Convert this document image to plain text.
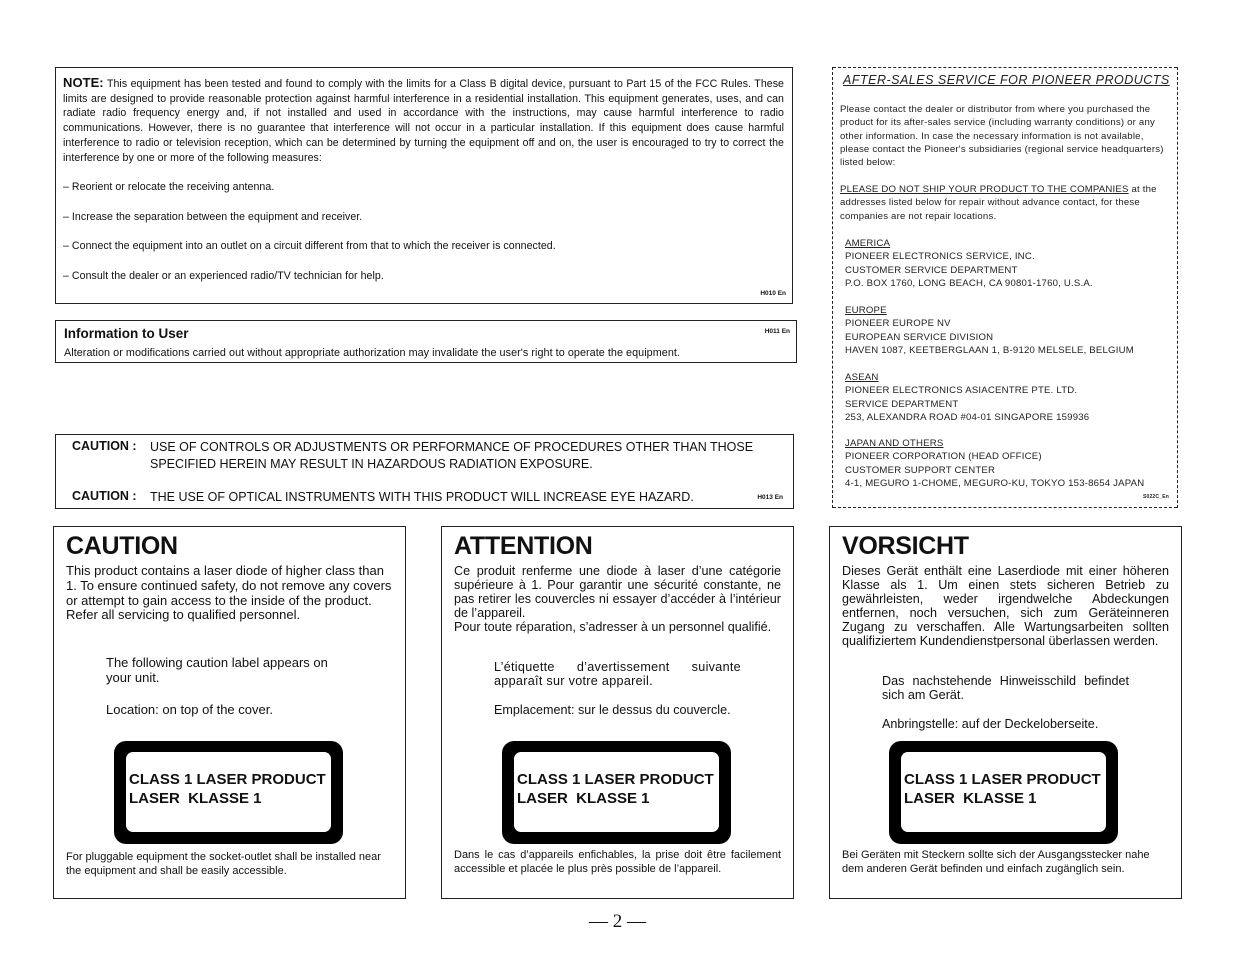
NOTE: This equipment has been tested and found to comply with the limits for a Class B digital device, pursuant to Part 15 of the FCC Rules. These limits are designed to provide reasonable protection against harmful interference in a residential installation. This equipment generates, uses, and can radiate radio frequency energy and, if not installed and used in accordance with the instructions, may cause harmful interference to radio communications. However, there is no guarantee that interference will not occur in a particular installation. If this equipment does cause harmful interference to radio or television reception, which can be determined by turning the equipment off and on, the user is encouraged to try to correct the interference by one or more of the following measures:

– Reorient or relocate the receiving antenna.

– Increase the separation between the equipment and receiver.

– Connect the equipment into an outlet on a circuit different from that to which the receiver is connected.

– Consult the dealer or an experienced radio/TV technician for help.

H010 En
Information to User
Alteration or modifications carried out without appropriate authorization may invalidate the user's right to operate the equipment.
H011 En
CAUTION :	USE OF CONTROLS OR ADJUSTMENTS OR PERFORMANCE OF PROCEDURES OTHER THAN THOSE SPECIFIED HEREIN MAY RESULT IN HAZARDOUS RADIATION EXPOSURE.
CAUTION :	THE USE OF OPTICAL INSTRUMENTS WITH THIS PRODUCT WILL INCREASE EYE HAZARD.	H013 En
AFTER-SALES SERVICE FOR PIONEER PRODUCTS
Please contact the dealer or distributor from where you purchased the product for its after-sales service (including warranty conditions) or any other information. In case the necessary information is not available, please contact the Pioneer's subsidiaries (regional service headquarters) listed below:
PLEASE DO NOT SHIP YOUR PRODUCT TO THE COMPANIES at the addresses listed below for repair without advance contact, for these companies are not repair locations.
AMERICA
PIONEER ELECTRONICS SERVICE, INC.
CUSTOMER SERVICE DEPARTMENT
P.O. BOX 1760, LONG BEACH, CA 90801-1760, U.S.A.
EUROPE
PIONEER EUROPE NV
EUROPEAN SERVICE DIVISION
HAVEN 1087, KEETBERGLAAN 1, B-9120 MELSELE, BELGIUM
ASEAN
PIONEER ELECTRONICS ASIACENTRE PTE. LTD.
SERVICE DEPARTMENT
253, ALEXANDRA ROAD #04-01 SINGAPORE 159936
JAPAN AND OTHERS
PIONEER CORPORATION (HEAD OFFICE)
CUSTOMER SUPPORT CENTER
4-1, MEGURO 1-CHOME, MEGURO-KU, TOKYO 153-8654 JAPAN
S022C_En
CAUTION
This product contains a laser diode of higher class than 1. To ensure continued safety, do not remove any covers or attempt to gain access to the inside of the product.
Refer all servicing to qualified personnel.
The following caution label appears on your unit.
Location: on top of the cover.
CLASS 1 LASER PRODUCT
LASER  KLASSE 1
For pluggable equipment the socket-outlet shall be installed near the equipment and shall be easily accessible.
ATTENTION
Ce produit renferme une diode à laser d’une catégorie supérieure à 1. Pour garantir une sécurité constante, ne pas retirer les couvercles ni essayer d’accéder à l’intérieur de l’appareil.
Pour toute réparation, s’adresser à un personnel qualifié.
L’étiquette d’avertissement suivante apparaît sur votre appareil.
Emplacement: sur le dessus du couvercle.
CLASS 1 LASER PRODUCT
LASER  KLASSE 1
Dans le cas d’appareils enfichables, la prise doit être facilement accessible et placée le plus près possible de l’appareil.
VORSICHT
Dieses Gerät enthält eine Laserdiode mit einer höheren Klasse als 1. Um einen stets sicheren Betrieb zu gewährleisten, weder irgendwelche Abdeckungen entfernen, noch versuchen, sich zum Geräteinneren Zugang zu verschaffen. Alle Wartungsarbeiten sollten qualifiziertem Kundendienstpersonal überlassen werden.
Das nachstehende Hinweisschild befindet sich am Gerät.
Anbringstelle: auf der Deckeloberseite.
CLASS 1 LASER PRODUCT
LASER  KLASSE 1
Bei Geräten mit Steckern sollte sich der Ausgangsstecker nahe dem anderen Gerät befinden und einfach zugänglich sein.
— 2 —
